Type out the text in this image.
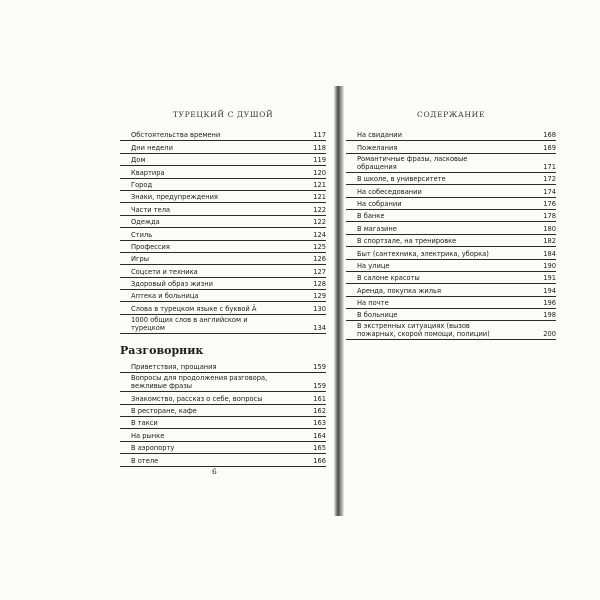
ТУРЕЦКИЙ С ДУШОЙ
Обстоятельства времени	117
Дни недели	118
Дом	119
Квартира	120
Город	121
Знаки, предупреждения	121
Части тела	122
Одежда	122
Стиль	124
Профессия	125
Игры	126
Соцсети и техника	127
Здоровый образ жизни	128
Аптека и больница	129
Слова в турецком языке с буквой Â	130
1000 общих слов в английском и турецком	134
Разговорник
Приветствия, прощания	159
Вопросы для продолжения разговора, вежливые фразы	159
Знакомство, рассказ о себе, вопросы	161
В ресторане, кафе	162
В такси	163
На рынке	164
В аэропорту	165
В отеле	166
6
СОДЕРЖАНИЕ
На свидании	168
Пожелания	169
Романтичные фразы, ласковые обращения	171
В школе, в университете	172
На собеседовании	174
На собрании	176
В банке	178
В магазине	180
В спортзале, на тренировке	182
Быт (сантехника, электрика, уборка)	184
На улице	190
В салоне красоты	191
Аренда, покупка жилья	194
На почте	196
В больнице	198
В экстренных ситуациях (вызов пожарных, скорой помощи, полиции)	200
